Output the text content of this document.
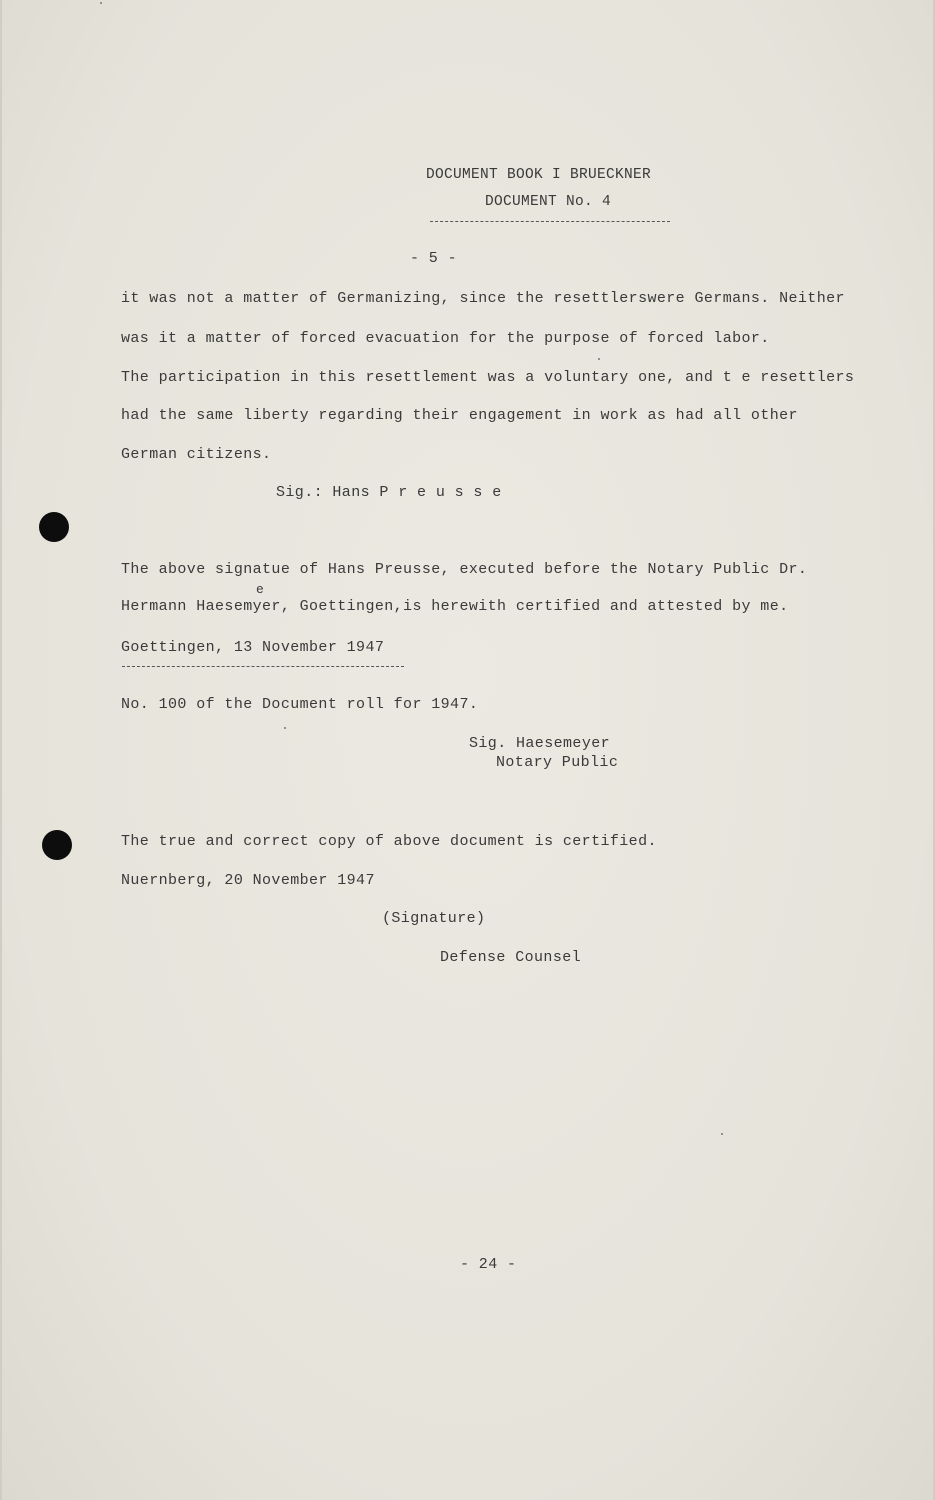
DOCUMENT BOOK I BRUECKNER
DOCUMENT No. 4
- 5 -
it was not a matter of Germanizing, since the resettlerswere Germans. Neither
was it a matter of forced evacuation for the purpose of forced labor.
The participation in this resettlement was a voluntary one, and t e resettlers
had the same liberty regarding their engagement in work as had all other
German citizens.
Sig.: Hans P r e u s s e
The above signatue of Hans Preusse, executed before the Notary Public Dr.
e
Hermann Haesemyer, Goettingen,is herewith certified and attested by me.
Goettingen, 13 November 1947
No. 100 of the Document roll for 1947.
Sig. Haesemeyer
Notary Public
The true and correct copy of above document is certified.
Nuernberg, 20 November 1947
(Signature)
Defense Counsel
- 24 -
